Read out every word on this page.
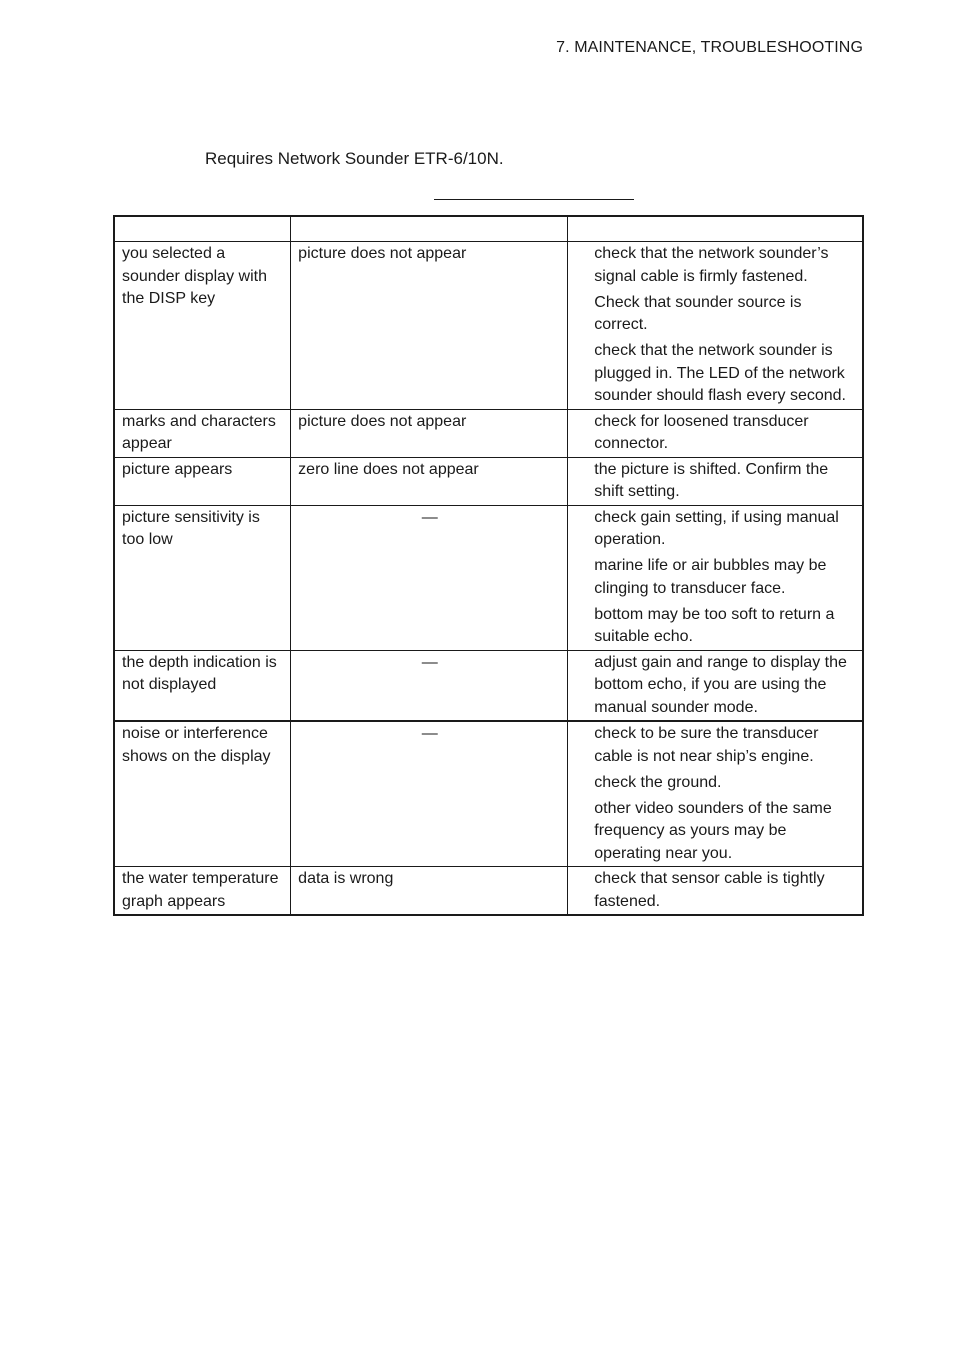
7. MAINTENANCE, TROUBLESHOOTING
Requires Network Sounder ETR-6/10N.

you selected a sounder display with the DISP key	picture does not appear	check that the network sounder’s signal cable is firmly fastened.
Check that sounder source is correct.
check that the network sounder is plugged in. The LED of the network sounder should flash every second.

marks and characters appear	picture does not appear	check for loosened transducer connector.

picture appears	zero line does not appear	the picture is shifted. Confirm the shift setting.

picture sensitivity is too low	—	check gain setting, if using manual operation.
marine life or air bubbles may be clinging to transducer face.
bottom may be too soft to return a suitable echo.

the depth indication is not displayed	—	adjust gain and range to display the bottom echo, if you are using the manual sounder mode.

noise or interference shows on the display	—	check to be sure the transducer cable is not near ship’s engine.
check the ground.
other video sounders of the same frequency as yours may be operating near you.

the water temperature graph appears	data is wrong	check that sensor cable is tightly fastened.
